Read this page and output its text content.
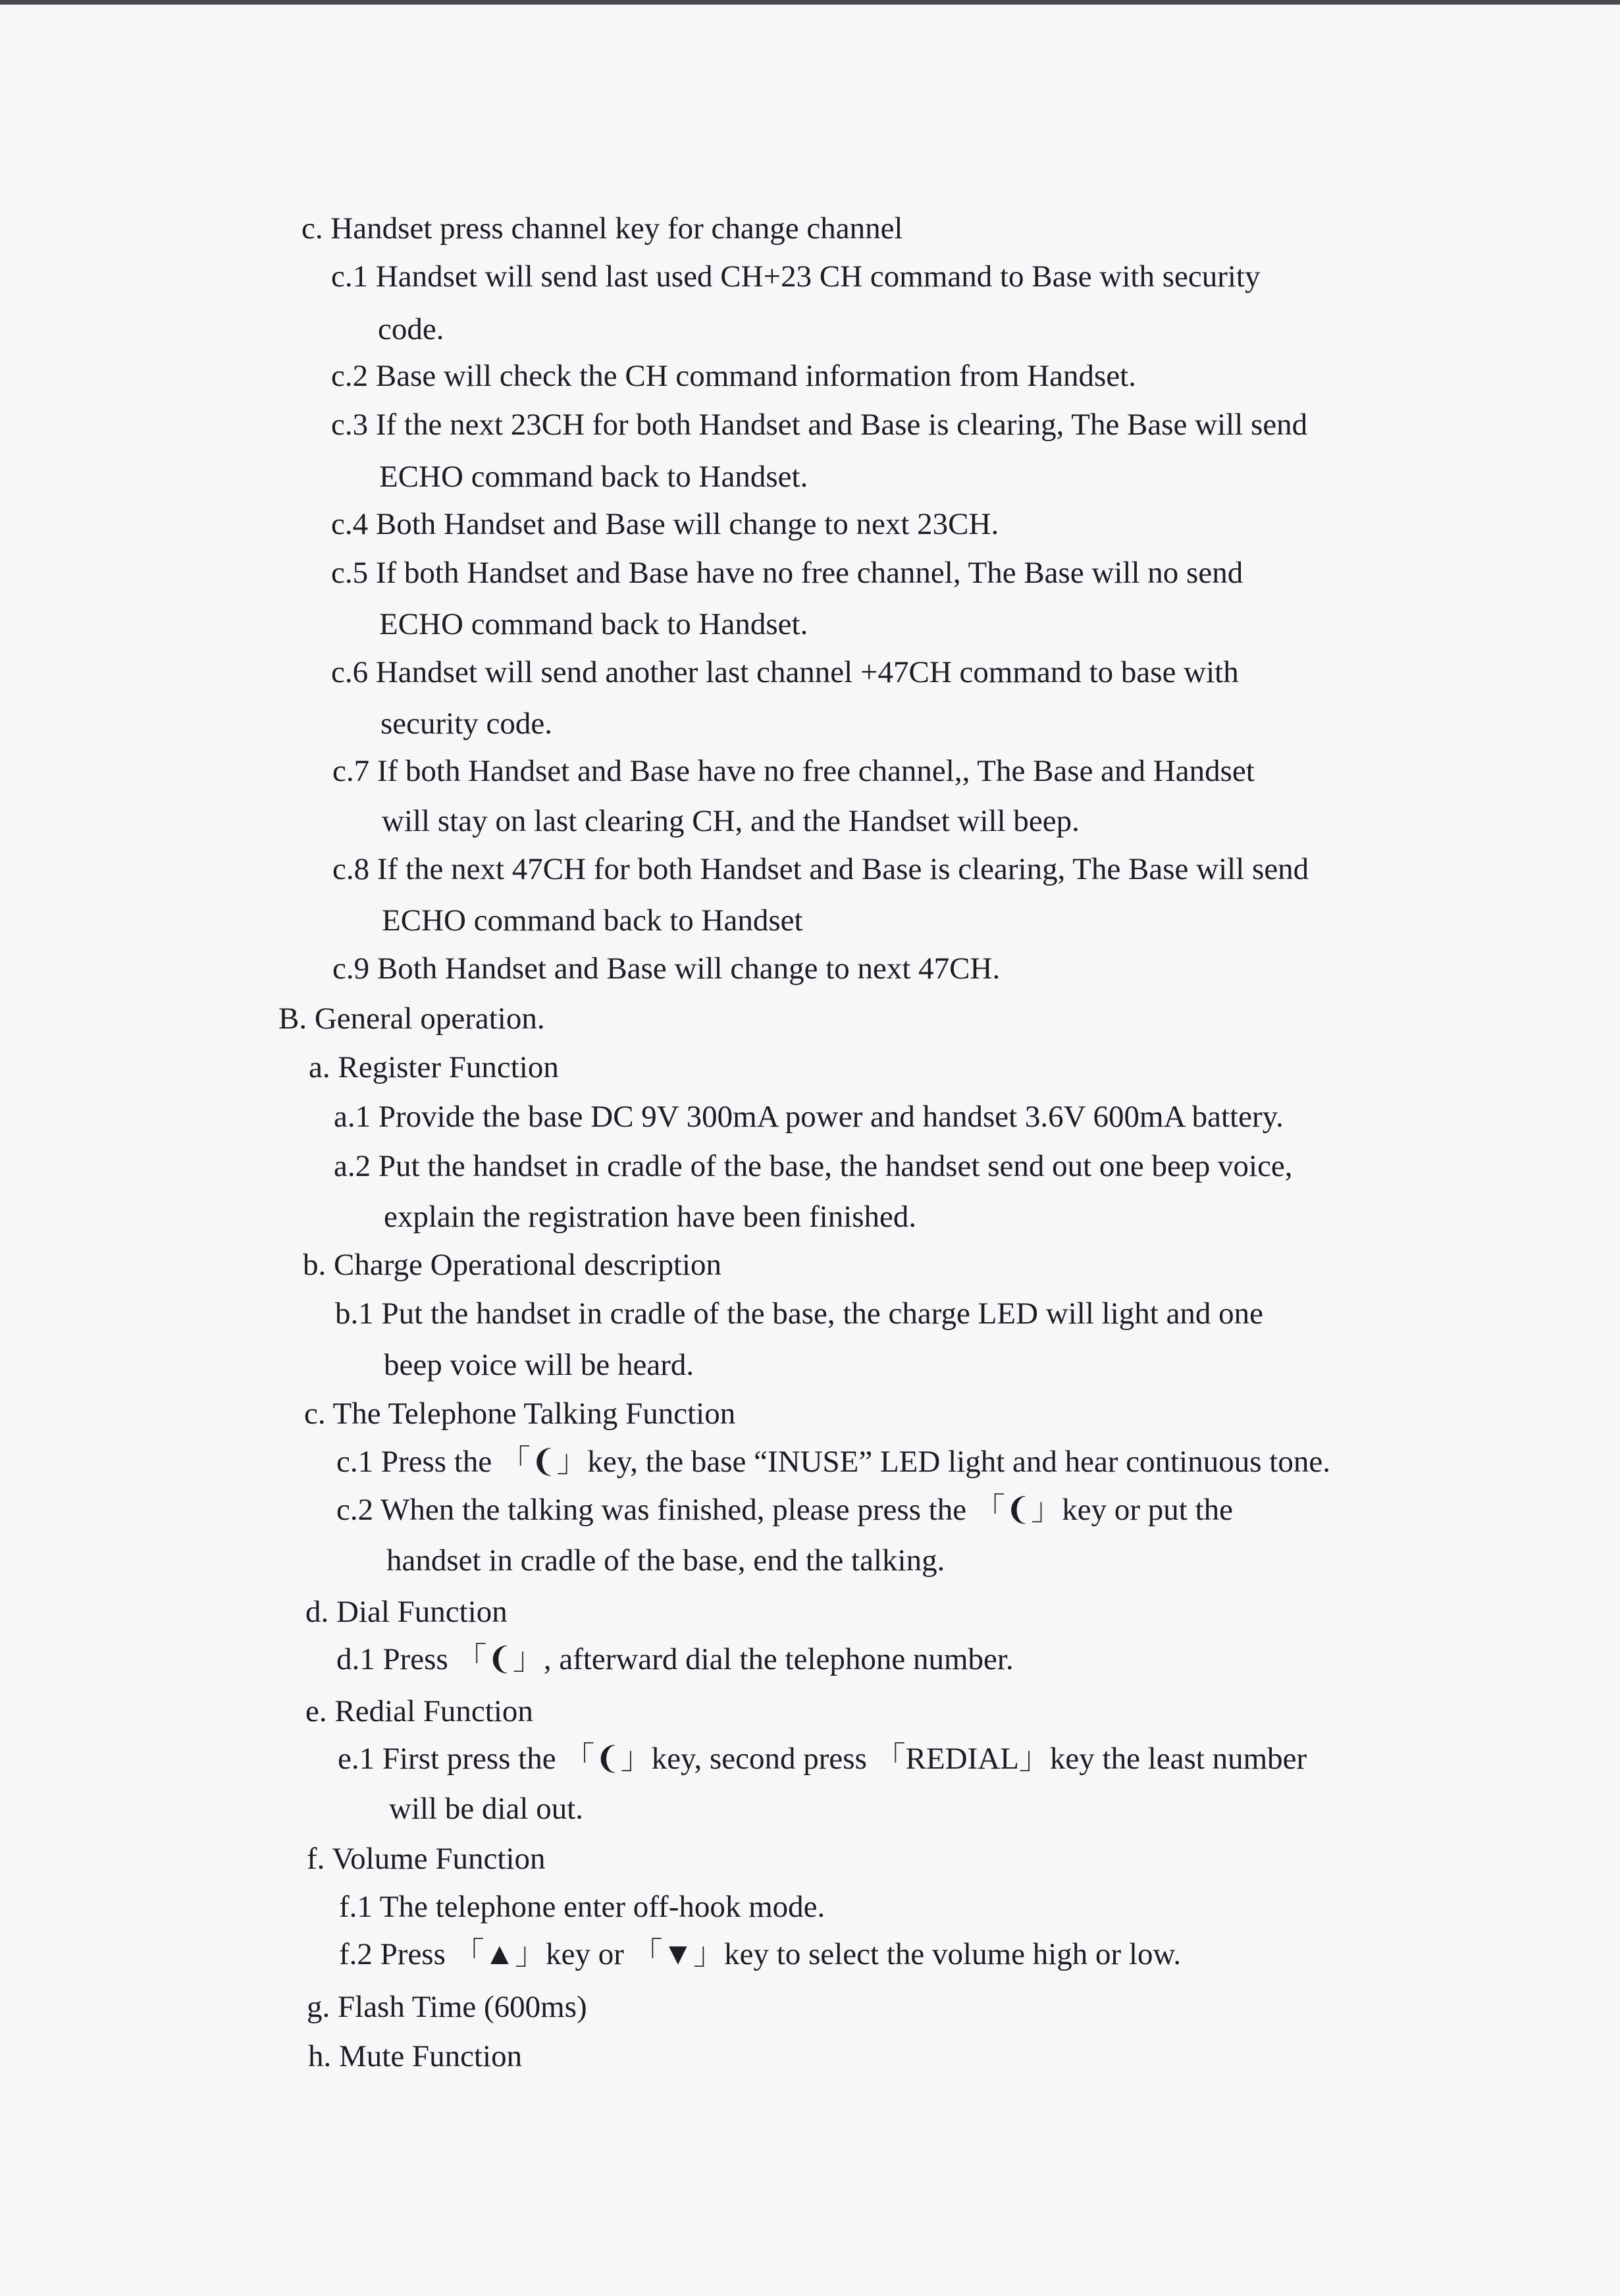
c. Handset press channel key for change channel
c.1 Handset will send last used CH+23 CH command to Base with security
code.
c.2 Base will check the CH command information from Handset.
c.3 If the next 23CH for both Handset and Base is clearing, The Base will send
ECHO command back to Handset.
c.4 Both Handset and Base will change to next 23CH.
c.5 If both Handset and Base have no free channel, The Base will no send
ECHO command back to Handset.
c.6 Handset will send another last channel +47CH command to base with
security code.
c.7 If both Handset and Base have no free channel,, The Base and Handset
will stay on last clearing CH, and the Handset will beep.
c.8 If the next 47CH for both Handset and Base is clearing, The Base will send
ECHO command back to Handset
c.9 Both Handset and Base will change to next 47CH.
B. General operation.
a. Register Function
a.1 Provide the base DC 9V 300mA power and handset 3.6V 600mA battery.
a.2 Put the handset in cradle of the base, the handset send out one beep voice,
explain the registration have been finished.
b. Charge Operational description
b.1 Put the handset in cradle of the base, the charge LED will light and one
beep voice will be heard.
c. The Telephone Talking Function
c.1 Press the 「❨」key, the base “INUSE” LED light and hear continuous tone.
c.2 When the talking was finished, please press the 「❨」key or put the
handset in cradle of the base, end the talking.
d. Dial Function
d.1 Press 「❨」, afterward dial the telephone number.
e. Redial Function
e.1 First press the 「❨」key, second press 「REDIAL」key the least number
will be dial out.
f. Volume Function
f.1 The telephone enter off-hook mode.
f.2 Press 「▲」key or 「▼」key to select the volume high or low.
g. Flash Time (600ms)
h. Mute Function
